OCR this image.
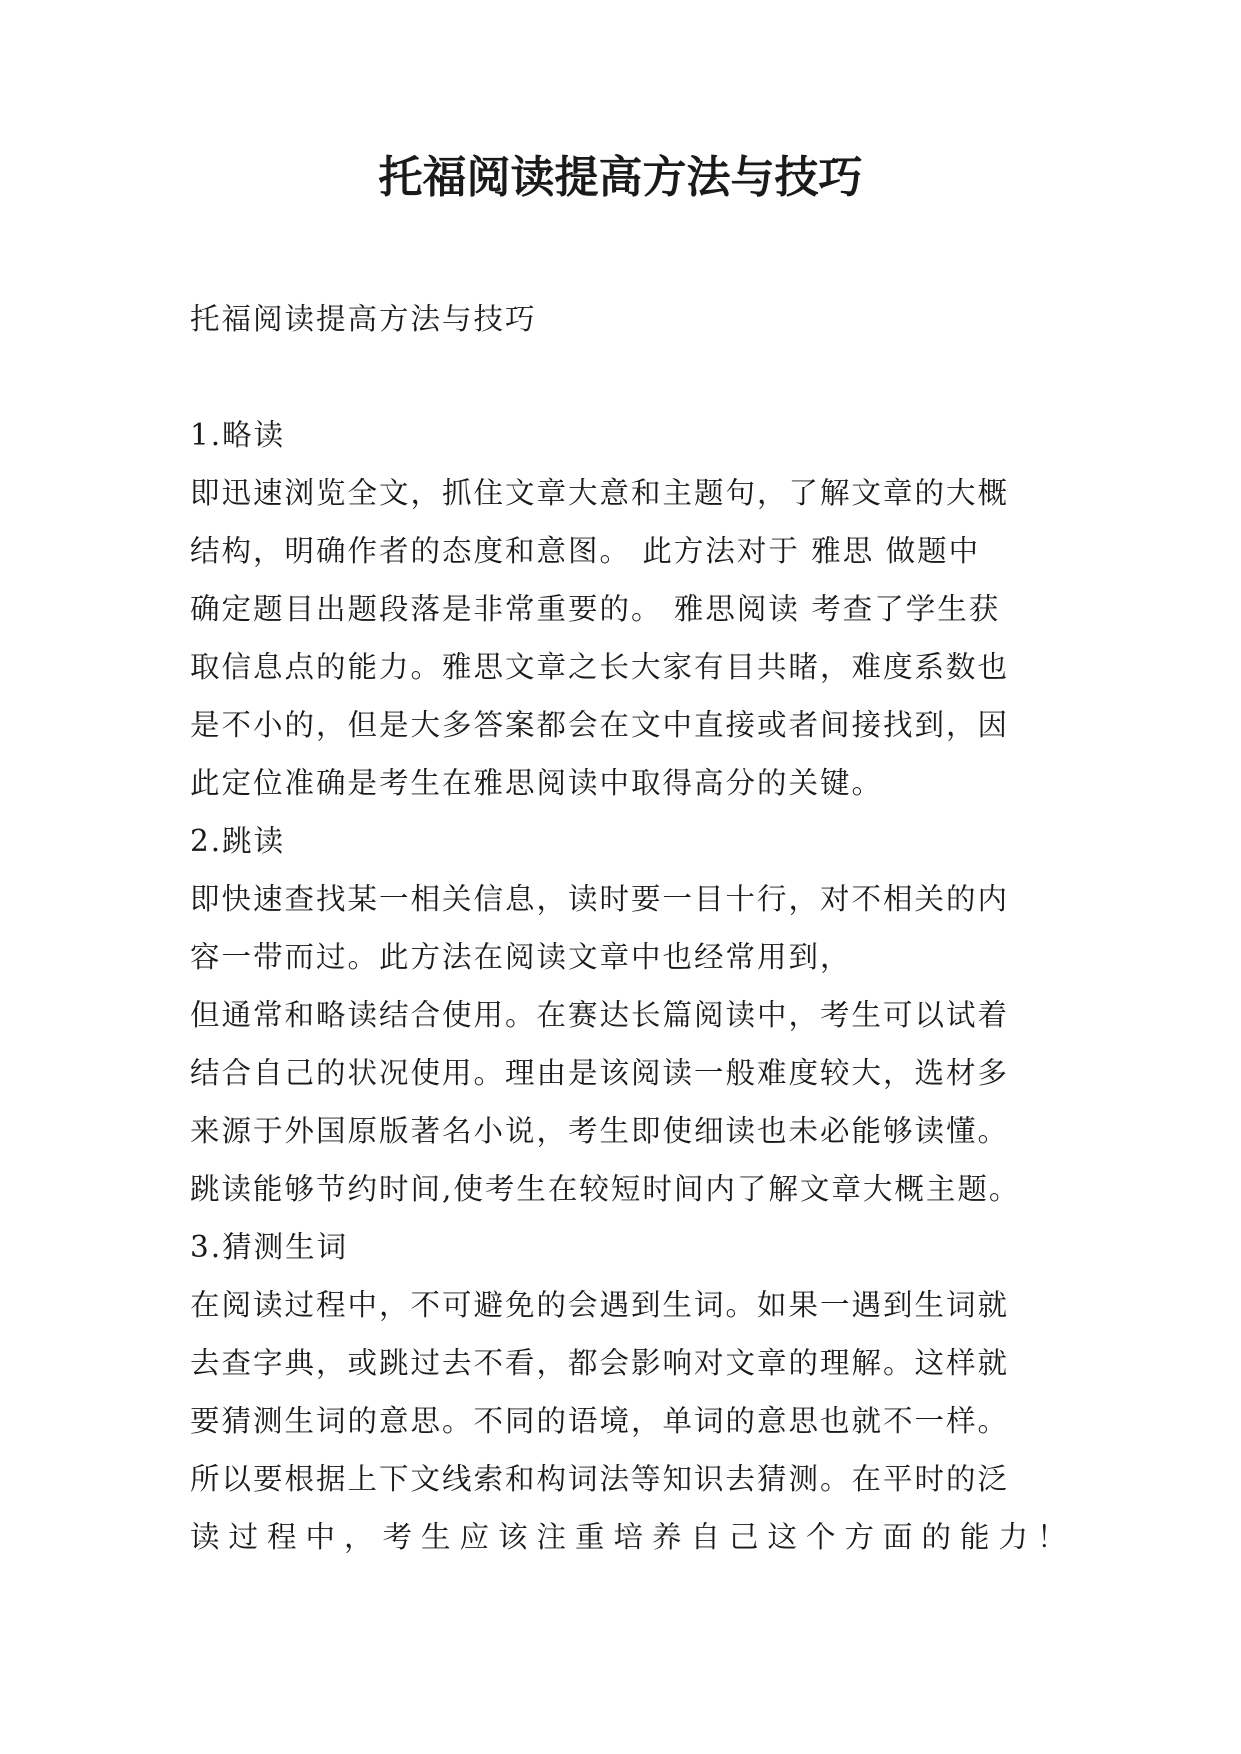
托福阅读提高方法与技巧

托福阅读提高方法与技巧

1.略读

即迅速浏览全文，抓住文章大意和主题句，了解文章的大概

结构，明确作者的态度和意图。 此方法对于 雅思 做题中

确定题目出题段落是非常重要的。 雅思阅读 考查了学生获

取信息点的能力。雅思文章之长大家有目共睹，难度系数也

是不小的，但是大多答案都会在文中直接或者间接找到，因

此定位准确是考生在雅思阅读中取得高分的关键。

2.跳读

即快速查找某一相关信息，读时要一目十行，对不相关的内

容一带而过。此方法在阅读文章中也经常用到，

但通常和略读结合使用。在赛达长篇阅读中，考生可以试着

结合自己的状况使用。理由是该阅读一般难度较大，选材多

来源于外国原版著名小说，考生即使细读也未必能够读懂。

跳读能够节约时间,使考生在较短时间内了解文章大概主题。

3.猜测生词

在阅读过程中，不可避免的会遇到生词。如果一遇到生词就

去查字典，或跳过去不看，都会影响对文章的理解。这样就

要猜测生词的意思。不同的语境，单词的意思也就不一样。

所以要根据上下文线索和构词法等知识去猜测。在平时的泛

读过程中，考生应该注重培养自己这个方面的能力！
